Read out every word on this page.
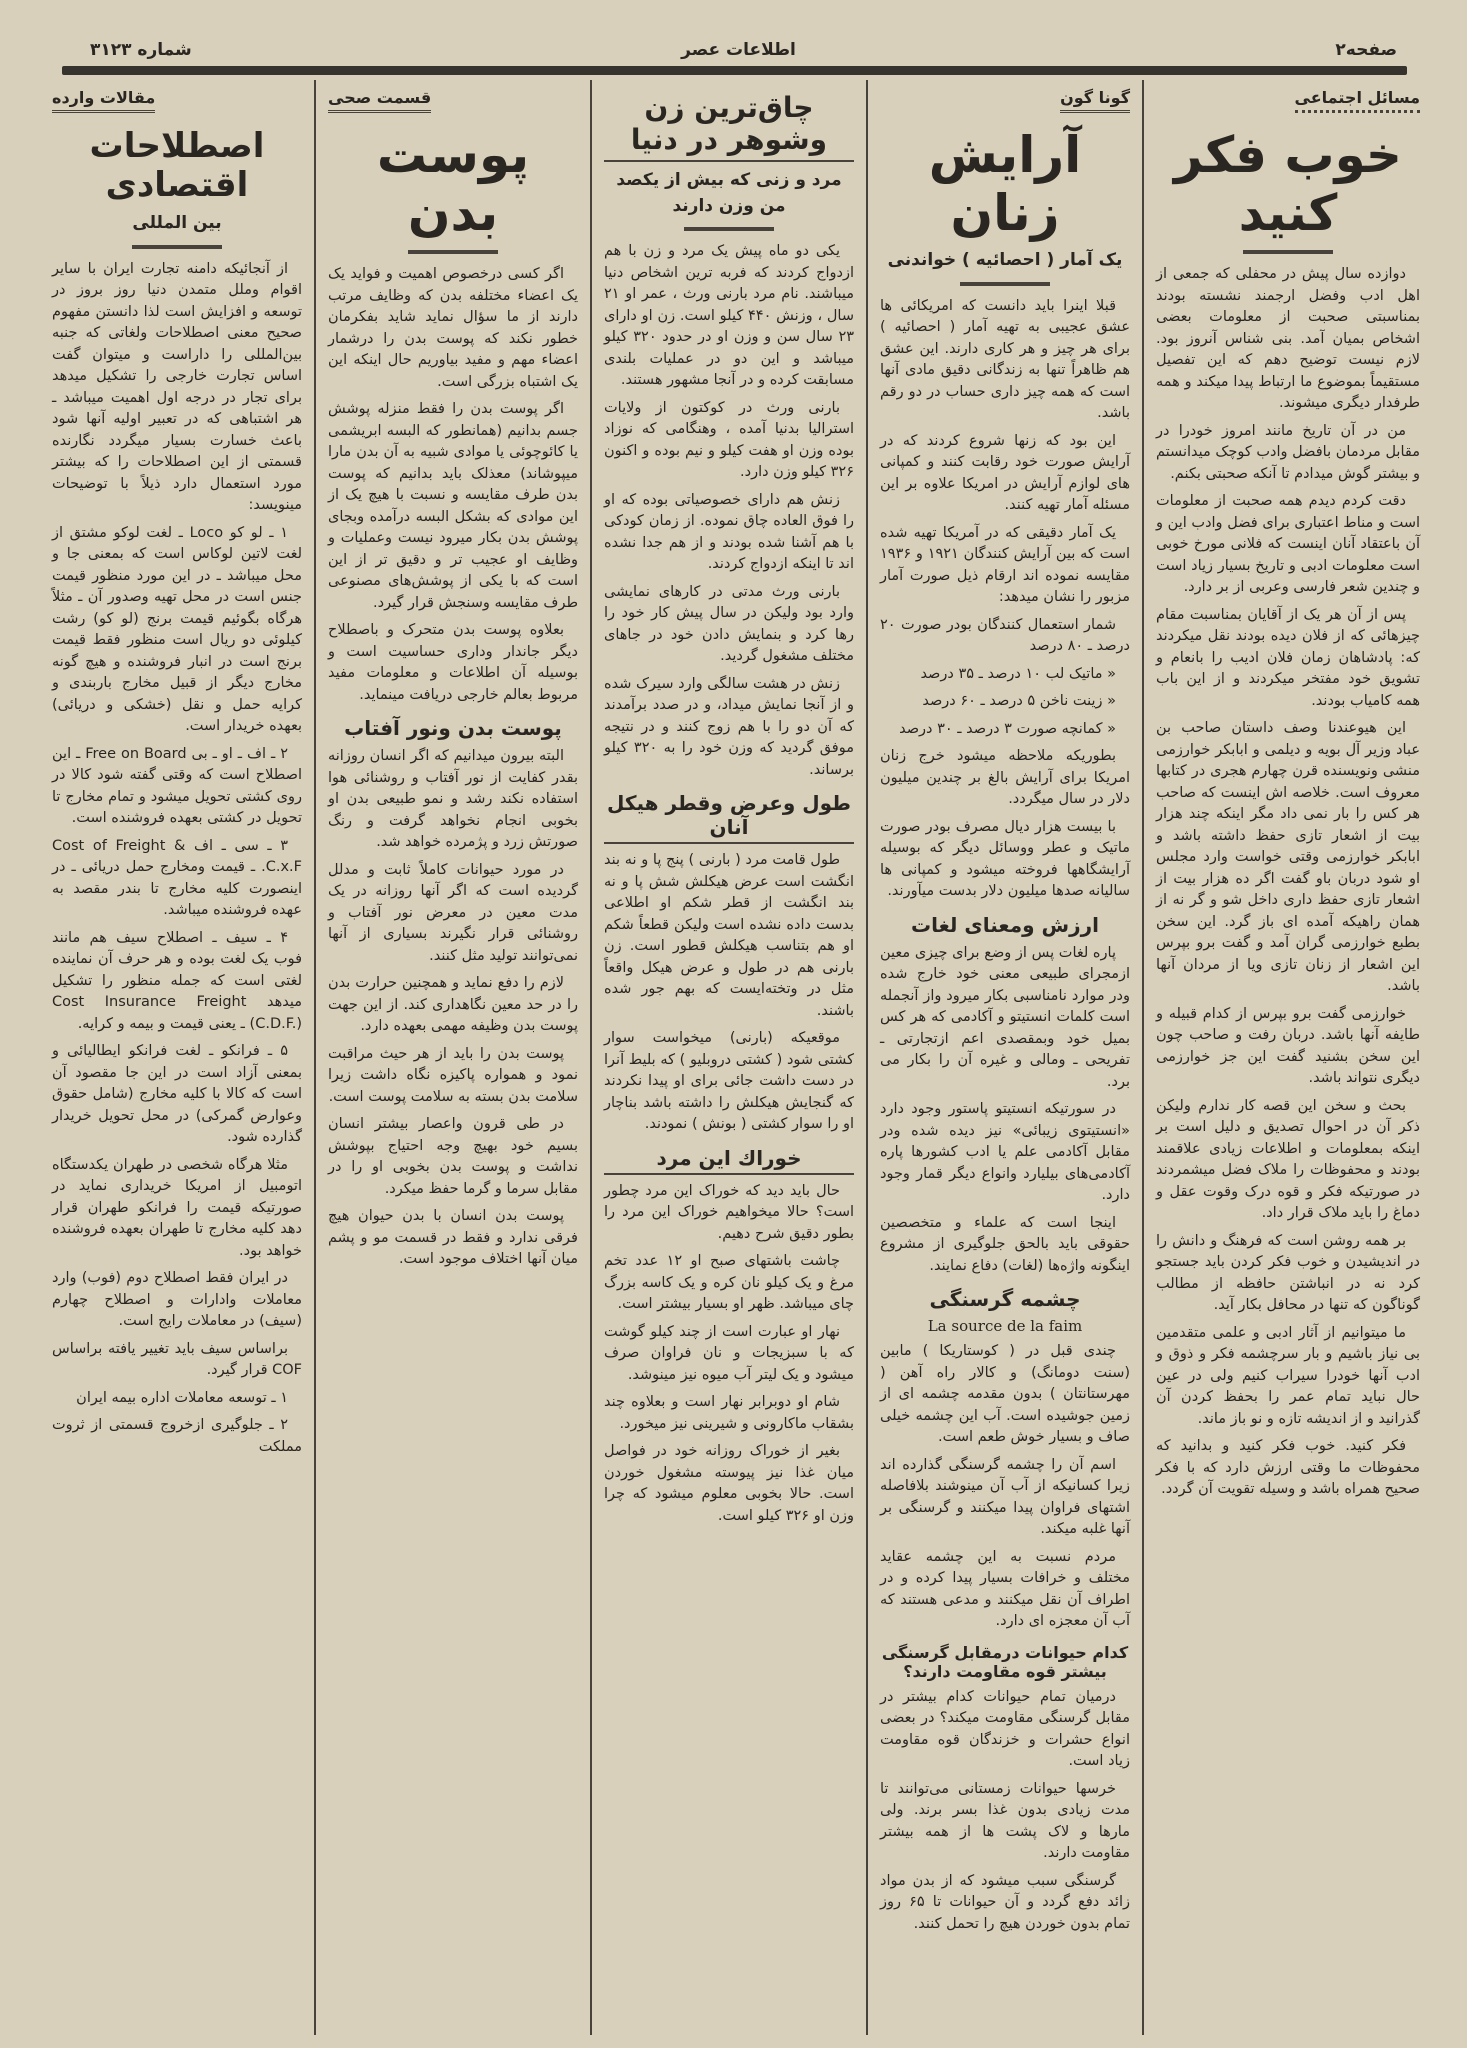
صفحه۲
اطلاعات عصر
شماره ۳۱۲۳
مسائل اجتماعی
خوب فکر کنید

دوازده سال پیش در محفلی که جمعی از اهل ادب وفضل ارجمند نشسته بودند بمناسبتی صحبت از معلومات بعضی اشخاص بمیان آمد. بنی شناس آنروز بود. لازم نیست توضیح دهم که این تفصیل مستقیماً بموضوع ما ارتباط پیدا میکند و همه طرفدار دیگری میشوند.

من در آن تاریخ مانند امروز خودرا در مقابل مردمان بافضل وادب کوچک میدانستم و بیشتر گوش میدادم تا آنکه صحبتی بکنم.

دقت کردم دیدم همه صحبت از معلومات است و مناط اعتباری برای فضل وادب این و آن باعتقاد آنان اینست که فلانی مورخ خوبی است معلومات ادبی و تاریخ بسیار زیاد است و چندین شعر فارسی وعربی از بر دارد.

پس از آن هر یک از آقایان بمناسبت مقام چیزهائی که از فلان دیده بودند نقل میکردند که: پادشاهان زمان فلان ادیب را بانعام و تشویق خود مفتخر میکردند و از این باب همه کامیاب بودند.

این هیوعندنا وصف داستان صاحب بن عباد وزیر آل بویه و دیلمی و ابابکر خوارزمی منشی ونویسنده قرن چهارم هجری در کتابها معروف است. خلاصه اش اینست که صاحب هر کس را بار نمی داد مگر اینکه چند هزار بیت از اشعار تازی حفظ داشته باشد و ابابکر خوارزمی وقتی خواست وارد مجلس او شود دربان باو گفت اگر ده هزار بیت از اشعار تازی حفظ داری داخل شو و گر نه از همان راهیکه آمده ای باز گرد. این سخن بطبع خوارزمی گران آمد و گفت برو بپرس این اشعار از زنان تازی ویا از مردان آنها باشد.

خوارزمی گفت برو بپرس از کدام قبیله و طایفه آنها باشد. دربان رفت و صاحب چون این سخن بشنید گفت این جز خوارزمی دیگری نتواند باشد.

بحث و سخن این قصه کار ندارم ولیکن ذکر آن در احوال تصدیق و دلیل است بر اینکه بمعلومات و اطلاعات زیادی علاقمند بودند و محفوظات را ملاک فضل میشمردند در صورتیکه فکر و قوه درک وقوت عقل و دماغ را باید ملاک قرار داد.

بر همه روشن است که فرهنگ و دانش را در اندیشیدن و خوب فکر کردن باید جستجو کرد نه در انباشتن حافظه از مطالب گوناگون که تنها در محافل بکار آید.

ما میتوانیم از آثار ادبی و علمی متقدمین بی نیاز باشیم و بار سرچشمه فکر و ذوق و ادب آنها خودرا سیراب کنیم ولی در عین حال نباید تمام عمر را بحفظ کردن آن گذرانید و از اندیشه تازه و نو باز ماند.

فکر کنید. خوب فکر کنید و بدانید که محفوظات ما وقتی ارزش دارد که با فکر صحیح همراه باشد و وسیله تقویت آن گردد.

گونا گون
آرایش زنان
یک آمار ( احصائیه ) خواندنی

قبلا اینرا باید دانست که امریکائی ها عشق عجیبی به تهیه آمار ( احصائیه ) برای هر چیز و هر کاری دارند. این عشق هم ظاهراً تنها به زندگانی دقیق مادی آنها است که همه چیز داری حساب در دو رقم باشد.

این بود که زنها شروع کردند که در آرایش صورت خود رقابت کنند و کمپانی های لوازم آرایش در امریکا علاوه بر این مسئله آمار تهیه کنند.

یک آمار دقیقی که در آمریکا تهیه شده است که بین آرایش کنندگان ۱۹۲۱ و ۱۹۳۶ مقایسه نموده اند ارقام ذیل صورت آمار مزبور را نشان میدهد:

شمار استعمال کنندگان بودر صورت ۲۰ درصد ـ ۸۰ درصد

« ماتیک لب ۱۰ درصد ـ ۳۵ درصد

« زینت ناخن ۵ درصد ـ ۶۰ درصد

« کمانچه صورت ۳ درصد ـ ۳۰ درصد

بطوریکه ملاحظه میشود خرج زنان امریکا برای آرایش بالغ بر چندین میلیون دلار در سال میگردد.

با بیست هزار دیال مصرف بودر صورت ماتیک و عطر ووسائل دیگر که بوسیله آرایشگاهها فروخته میشود و کمپانی ها سالیانه صدها میلیون دلار بدست میآورند.

ارزش ومعنای لغات

پاره لغات پس از وضع برای چیزی معین ازمجرای طبیعی معنی خود خارج شده ودر موارد نامناسبی بکار میرود واز آنجمله است کلمات انستیتو و آکادمی که هر کس بمیل خود وبمقصدی اعم ازتجارتی ـ تفریحی ـ ومالی و غیره آن را بکار می برد.

در سورتیکه انستیتو پاستور وجود دارد «انستیتوی زیبائی» نیز دیده شده ودر مقابل آکادمی علم یا ادب کشورها پاره آکادمی‌های بیلیارد وانواع دیگر قمار وجود دارد.

اینجا است که علماء و متخصصین حقوقی باید بالحق جلوگیری از مشروع اینگونه واژه‌ها (لغات) دفاع نمایند.

چشمه گرسنگی
La source de la faim

چندی قبل در ( کوستاریکا ) مابین (سنت دومانگ) و کالار راه آهن ( مهرستانتان ) بدون مقدمه چشمه ای از زمین جوشیده است. آب این چشمه خیلی صاف و بسیار خوش طعم است.

اسم آن را چشمه گرسنگی گذارده اند زیرا کسانیکه از آب آن مینوشند بلافاصله اشتهای فراوان پیدا میکنند و گرسنگی بر آنها غلبه میکند.

مردم نسبت به این چشمه عقاید مختلف و خرافات بسیار پیدا کرده و در اطراف آن نقل میکنند و مدعی هستند که آب آن معجزه ای دارد.

کدام حیوانات درمقابل گرسنگی بیشتر قوه مقاومت دارند؟

درمیان تمام حیوانات کدام بیشتر در مقابل گرسنگی مقاومت میکند؟ در بعضی انواع حشرات و خزندگان قوه مقاومت زیاد است.

خرسها حیوانات زمستانی می‌توانند تا مدت زیادی بدون غذا بسر برند. ولی مارها و لاک پشت ها از همه بیشتر مقاومت دارند.

گرسنگی سبب میشود که از بدن مواد زائد دفع گردد و آن حیوانات تا ۶۵ روز تمام بدون خوردن هیچ را تحمل کنند.

چاق‌ترین زن وشوهر در دنیا
مرد و زنی که بیش از یکصد من وزن دارند

یکی دو ماه پیش یک مرد و زن با هم ازدواج کردند که فربه ترین اشخاص دنیا میباشند. نام مرد بارنی ورث ، عمر او ۲۱ سال ، وزنش ۴۴۰ کیلو است. زن او دارای ۲۳ سال سن و وزن او در حدود ۳۲۰ کیلو میباشد و این دو در عملیات بلندی مسابقت کرده و در آنجا مشهور هستند.

بارنی ورث در کوکتون از ولایات استرالیا بدنیا آمده ، وهنگامی که نوزاد بوده وزن او هفت کیلو و نیم بوده و اکنون ۳۲۶ کیلو وزن دارد.

زنش هم دارای خصوصیاتی بوده که او را فوق العاده چاق نموده. از زمان کودکی با هم آشنا شده بودند و از هم جدا نشده اند تا اینکه ازدواج کردند.

بارنی ورث مدتی در کارهای نمایشی وارد بود ولیکن در سال پیش کار خود را رها کرد و بنمایش دادن خود در جاهای مختلف مشغول گردید.

زنش در هشت سالگی وارد سیرک شده و از آنجا نمایش میداد، و در صدد برآمدند که آن دو را با هم زوج کنند و در نتیجه موفق گردید که وزن خود را به ۳۲۰ کیلو برساند.

طول وعرض وقطر هیکل آنان

طول قامت مرد ( بارنی ) پنج پا و نه بند انگشت است عرض هیکلش شش پا و نه بند انگشت از قطر شکم او اطلاعی بدست داده نشده است ولیکن قطعاً شکم او هم بتناسب هیکلش قطور است. زن بارنی هم در طول و عرض هیکل واقعاً مثل در وتخته‌ایست که بهم جور شده باشند.

موقعیکه (بارنی) میخواست سوار کشتی شود ( کشتی دروبلیو ) که بلیط آنرا در دست داشت جائی برای او پیدا نکردند که گنجایش هیکلش را داشته باشد بناچار او را سوار کشتی ( بونش ) نمودند.

خوراك این مرد

حال باید دید که خوراک این مرد چطور است؟ حالا میخواهیم خوراک این مرد را بطور دقیق شرح دهیم.

چاشت باشتهای صبح او ۱۲ عدد تخم مرغ و یک کیلو نان کره و یک کاسه بزرگ چای میباشد. ظهر او بسیار بیشتر است.

نهار او عبارت است از چند کیلو گوشت که با سبزیجات و نان فراوان صرف میشود و یک لیتر آب میوه نیز مینوشد.

شام او دوبرابر نهار است و بعلاوه چند بشقاب ماکارونی و شیرینی نیز میخورد.

بغیر از خوراک روزانه خود در فواصل میان غذا نیز پیوسته مشغول خوردن است. حالا بخوبی معلوم میشود که چرا وزن او ۳۲۶ کیلو است.

قسمت صحی
پوست بدن

اگر کسی درخصوص اهمیت و فواید یک یک اعضاء مختلفه بدن که وظایف مرتب دارند از ما سؤال نماید شاید بفکرمان خطور نکند که پوست بدن را درشمار اعضاء مهم و مفید بیاوریم حال اینکه این یک اشتباه بزرگی است.

اگر پوست بدن را فقط منزله پوشش جسم بدانیم (همانطور که البسه ابریشمی یا کائوچوئی یا موادی شبیه به آن بدن مارا میپوشاند) معذلک باید بدانیم که پوست بدن طرف مقایسه و نسبت با هیچ یک از این موادی که بشکل البسه درآمده وبجای پوشش بدن بکار میرود نیست وعملیات و وظایف او عجیب تر و دقیق تر از این است که با یکی از پوشش‌های مصنوعی طرف مقایسه وسنجش قرار گیرد.

بعلاوه پوست بدن متحرک و باصطلاح دیگر جاندار وداری حساسیت است و بوسیله آن اطلاعات و معلومات مفید مربوط بعالم خارجی دریافت مینماید.

پوست بدن ونور آفتاب

البته بیرون میدانیم که اگر انسان روزانه بقدر کفایت از نور آفتاب و روشنائی هوا استفاده نکند رشد و نمو طبیعی بدن او بخوبی انجام نخواهد گرفت و رنگ صورتش زرد و پژمرده خواهد شد.

در مورد حیوانات کاملاً ثابت و مدلل گردیده است که اگر آنها روزانه در یک مدت معین در معرض نور آفتاب و روشنائی قرار نگیرند بسیاری از آنها نمی‌توانند تولید مثل کنند.

لازم را دفع نماید و همچنین حرارت بدن را در حد معین نگاهداری کند. از این جهت پوست بدن وظیفه مهمی بعهده دارد.

پوست بدن را باید از هر حیث مراقبت نمود و همواره پاکیزه نگاه داشت زیرا سلامت بدن بسته به سلامت پوست است.

در طی قرون واعصار بیشتر انسان بسیم خود بهیچ وجه احتیاج بپوشش نداشت و پوست بدن بخوبی او را در مقابل سرما و گرما حفظ میکرد.

پوست بدن انسان با بدن حیوان هیچ فرقی ندارد و فقط در قسمت مو و پشم میان آنها اختلاف موجود است.

مقالات وارده
اصطلاحات اقتصادی
بین المللی

از آنجائیکه دامنه تجارت ایران با سایر اقوام وملل متمدن دنیا روز بروز در توسعه و افزایش است لذا دانستن مفهوم صحیح معنی اصطلاحات ولغاتی که جنبه بین‌المللی را داراست و میتوان گفت اساس تجارت خارجی را تشکیل میدهد برای تجار در درجه اول اهمیت میباشد ـ هر اشتباهی که در تعبیر اولیه آنها شود باعث خسارت بسیار میگردد نگارنده قسمتی از این اصطلاحات را که بیشتر مورد استعمال دارد ذیلاً با توضیحات مینویسد:

۱ ـ لو کو Loco ـ لغت لوکو مشتق از لغت لاتین لوکاس است که بمعنی جا و محل میباشد ـ در این مورد منظور قیمت جنس است در محل تهیه وصدور آن ـ مثلاً هرگاه بگوئیم قیمت برنج (لو کو) رشت کیلوئی دو ریال است منظور فقط قیمت برنج است در انبار فروشنده و هیچ گونه مخارج دیگر از قبیل مخارج باربندی و کرایه حمل و نقل (خشکی و دریائی) بعهده خریدار است.

۲ ـ اف ـ او ـ بی Free on Board ـ این اصطلاح است که وقتی گفته شود کالا در روی کشتی تحویل میشود و تمام مخارج تا تحویل در کشتی بعهده فروشنده است.

۳ ـ سی ـ اف Cost of Freight & C.x.F. ـ قیمت ومخارج حمل دریائی ـ در اینصورت کلیه مخارج تا بندر مقصد به عهده فروشنده میباشد.

۴ ـ سیف ـ اصطلاح سیف هم مانند فوب یک لغت بوده و هر حرف آن نماینده لغتی است که جمله منظور را تشکیل میدهد Cost Insurance Freight (C.D.F.) ـ یعنی قیمت و بیمه و کرایه.

۵ ـ فرانکو ـ لغت فرانکو ایطالیائی و بمعنی آزاد است در این جا مقصود آن است که کالا با کلیه مخارج (شامل حقوق وعوارض گمرکی) در محل تحویل خریدار گذارده شود.

مثلا هرگاه شخصی در طهران یکدستگاه اتومبیل از امریکا خریداری نماید در صورتیکه قیمت را فرانکو طهران قرار دهد کلیه مخارج تا طهران بعهده فروشنده خواهد بود.

در ایران فقط اصطلاح دوم (فوب) وارد معاملات وادارات و اصطلاح چهارم (سیف) در معاملات رایج است.

براساس سیف باید تغییر یافته براساس COF قرار گیرد.

۱ ـ توسعه معاملات اداره بیمه ایران

۲ ـ جلوگیری ازخروج قسمتی از ثروت مملکت
